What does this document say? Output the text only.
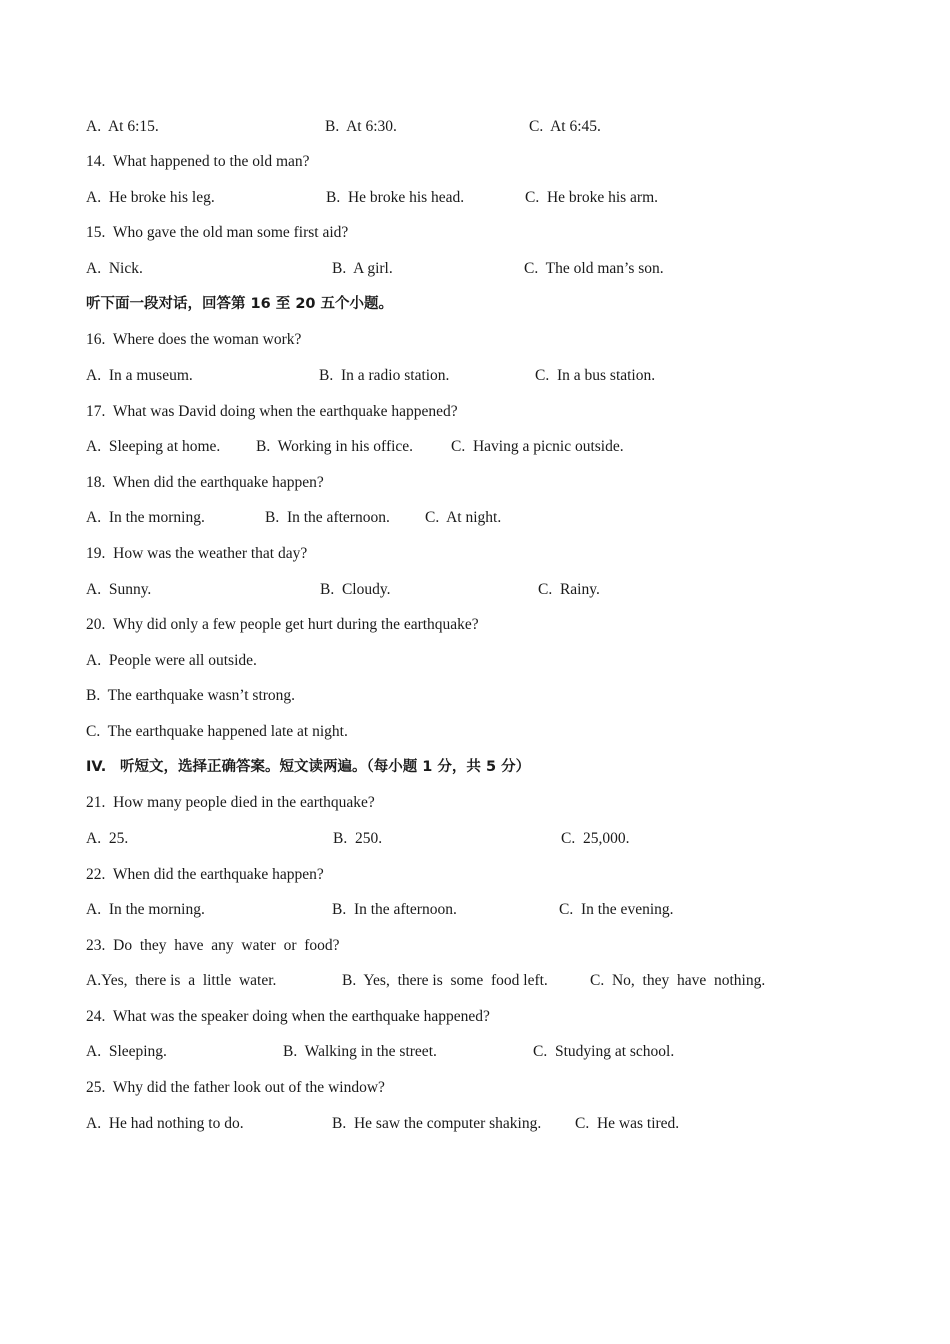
A.  At 6:15.	B.  At 6:30.	C.  At 6:45.
14.  What happened to the old man?
A.  He broke his leg.	B.  He broke his head.	C.  He broke his arm.
15.  Who gave the old man some first aid?
A.  Nick.	B.  A girl.	C.  The old man’s son.
听下面一段对话，回答第 16 至 20 五个小题。
16.  Where does the woman work?
A.  In a museum.	B.  In a radio station.	C.  In a bus station.
17.  What was David doing when the earthquake happened?
A.  Sleeping at home. B.  Working in his office. C.  Having a picnic outside.
18.  When did the earthquake happen?
A.  In the morning.	B.  In the afternoon. C.  At night.
19.  How was the weather that day?
A.  Sunny.	B.  Cloudy.	C.  Rainy.
20.  Why did only a few people get hurt during the earthquake?
A.  People were all outside.
B.  The earthquake wasn’t strong.
C.  The earthquake happened late at night.
IV. 听短文，选择正确答案。短文读两遍。（每小题 1 分，共 5 分）
21.  How many people died in the earthquake?
A.  25.	B.  250.	C.  25,000.
22.  When did the earthquake happen?
A.  In the morning.	B.  In the afternoon.	C.  In the evening.
23.  Do  they  have  any  water  or  food?
A.Yes,  there is  a  little  water.	B.  Yes,  there is  some  food left.	C.  No,  they  have  nothing.
24.  What was the speaker doing when the earthquake happened?
A.  Sleeping.	B.  Walking in the street.	C.  Studying at school.
25.  Why did the father look out of the window?
A.  He had nothing to do.	B.  He saw the computer shaking. C.  He was tired.
